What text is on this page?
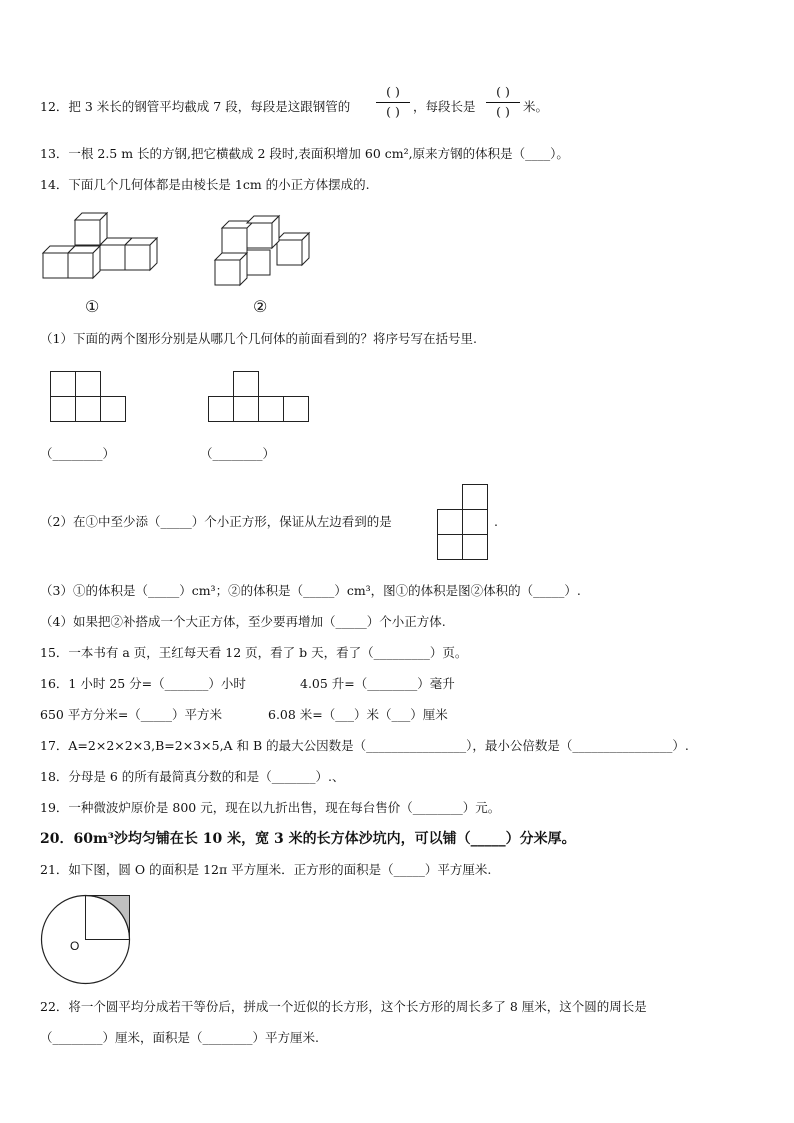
12．把 3 米长的钢管平均截成 7 段，每段是这跟钢管的
( )
( )	，每段长是
( )
( )	米。
13．一根 2.5 m 长的方钢,把它横截成 2 段时,表面积增加 60 cm²,原来方钢的体积是（____）。
14．下面几个几何体都是由棱长是 1cm 的小正方体摆成的.
①	②
（1）下面的两个图形分别是从哪几个几何体的前面看到的？将序号写在括号里.
（________）	（________）
（2）在①中至少添（_____）个小正方形，保证从左边看到的是	.
（3）①的体积是（_____）cm³；②的体积是（_____）cm³，图①的体积是图②体积的（_____）.
（4）如果把②补搭成一个大正方体，至少要再增加（_____）个小正方体.
15．一本书有 a 页，王红每天看 12 页，看了 b 天，看了（_________）页。
16．1 小时 25 分=（_______）小时	4.05 升=（________）毫升
650 平方分米=（_____）平方米	6.08 米=（___）米（___）厘米
17．A=2×2×2×3,B=2×3×5,A 和 B 的最大公因数是（________________），最小公倍数是（________________）.
18．分母是 6 的所有最简真分数的和是（_______）.、
19．一种微波炉原价是 800 元，现在以九折出售，现在每台售价（________）元。
20．60m³沙均匀铺在长 10 米，宽 3 米的长方体沙坑内，可以铺（_____）分米厚。
21．如下图，圆 O 的面积是 12π 平方厘米．正方形的面积是（_____）平方厘米.
O
22．将一个圆平均分成若干等份后，拼成一个近似的长方形，这个长方形的周长多了 8 厘米，这个圆的周长是
（________）厘米，面积是（________）平方厘米.
